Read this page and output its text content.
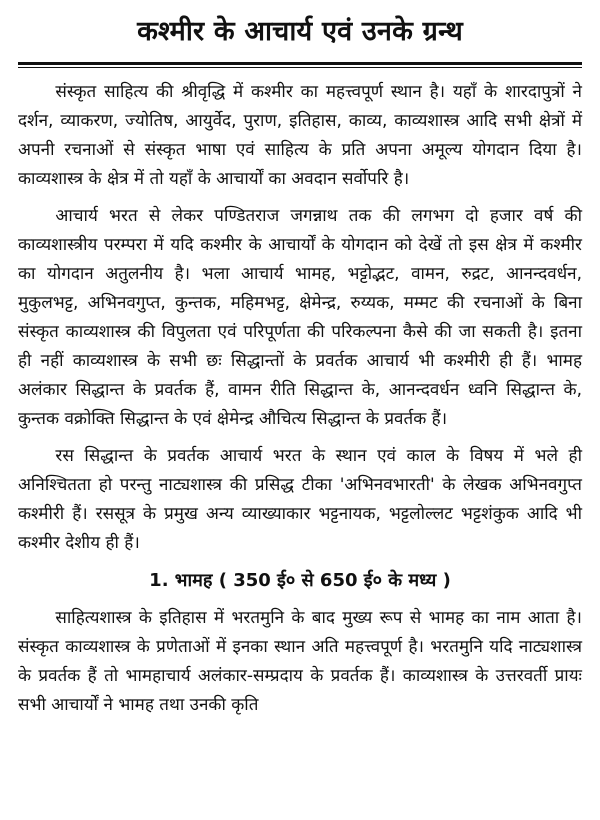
कश्मीर के आचार्य एवं उनके ग्रन्थ

संस्कृत साहित्य की श्रीवृद्धि में कश्मीर का महत्त्वपूर्ण स्थान है। यहाँ के शारदापुत्रों ने दर्शन, व्याकरण, ज्योतिष, आयुर्वेद, पुराण, इतिहास, काव्य, काव्यशास्त्र आदि सभी क्षेत्रों में अपनी रचनाओं से संस्कृत भाषा एवं साहित्य के प्रति अपना अमूल्य योगदान दिया है। काव्यशास्त्र के क्षेत्र में तो यहाँ के आचार्यों का अवदान सर्वोपरि है।

आचार्य भरत से लेकर पण्डितराज जगन्नाथ तक की लगभग दो हजार वर्ष की काव्यशास्त्रीय परम्परा में यदि कश्मीर के आचार्यों के योगदान को देखें तो इस क्षेत्र में कश्मीर का योगदान अतुलनीय है। भला आचार्य भामह, भट्टोद्भट, वामन, रुद्रट, आनन्दवर्धन, मुकुलभट्ट, अभिनवगुप्त, कुन्तक, महिमभट्ट, क्षेमेन्द्र, रुय्यक, मम्मट की रचनाओं के बिना संस्कृत काव्यशास्त्र की विपुलता एवं परिपूर्णता की परिकल्पना कैसे की जा सकती है। इतना ही नहीं काव्यशास्त्र के सभी छः सिद्धान्तों के प्रवर्तक आचार्य भी कश्मीरी ही हैं। भामह अलंकार सिद्धान्त के प्रवर्तक हैं, वामन रीति सिद्धान्त के, आनन्दवर्धन ध्वनि सिद्धान्त के, कुन्तक वक्रोक्ति सिद्धान्त के एवं क्षेमेन्द्र औचित्य सिद्धान्त के प्रवर्तक हैं।

रस सिद्धान्त के प्रवर्तक आचार्य भरत के स्थान एवं काल के विषय में भले ही अनिश्चितता हो परन्तु नाट्यशास्त्र की प्रसिद्ध टीका 'अभिनवभारती' के लेखक अभिनवगुप्त कश्मीरी हैं। रससूत्र के प्रमुख अन्य व्याख्याकार भट्टनायक, भट्टलोल्लट भट्टशंकुक आदि भी कश्मीर देशीय ही हैं।

1. भामह ( 350 ई० से 650 ई० के मध्य )

साहित्यशास्त्र के इतिहास में भरतमुनि के बाद मुख्य रूप से भामह का नाम आता है। संस्कृत काव्यशास्त्र के प्रणेताओं में इनका स्थान अति महत्त्वपूर्ण है। भरतमुनि यदि नाट्यशास्त्र के प्रवर्तक हैं तो भामहाचार्य अलंकार-सम्प्रदाय के प्रवर्तक हैं। काव्यशास्त्र के उत्तरवर्ती प्रायः सभी आचार्यों ने भामह तथा उनकी कृति
